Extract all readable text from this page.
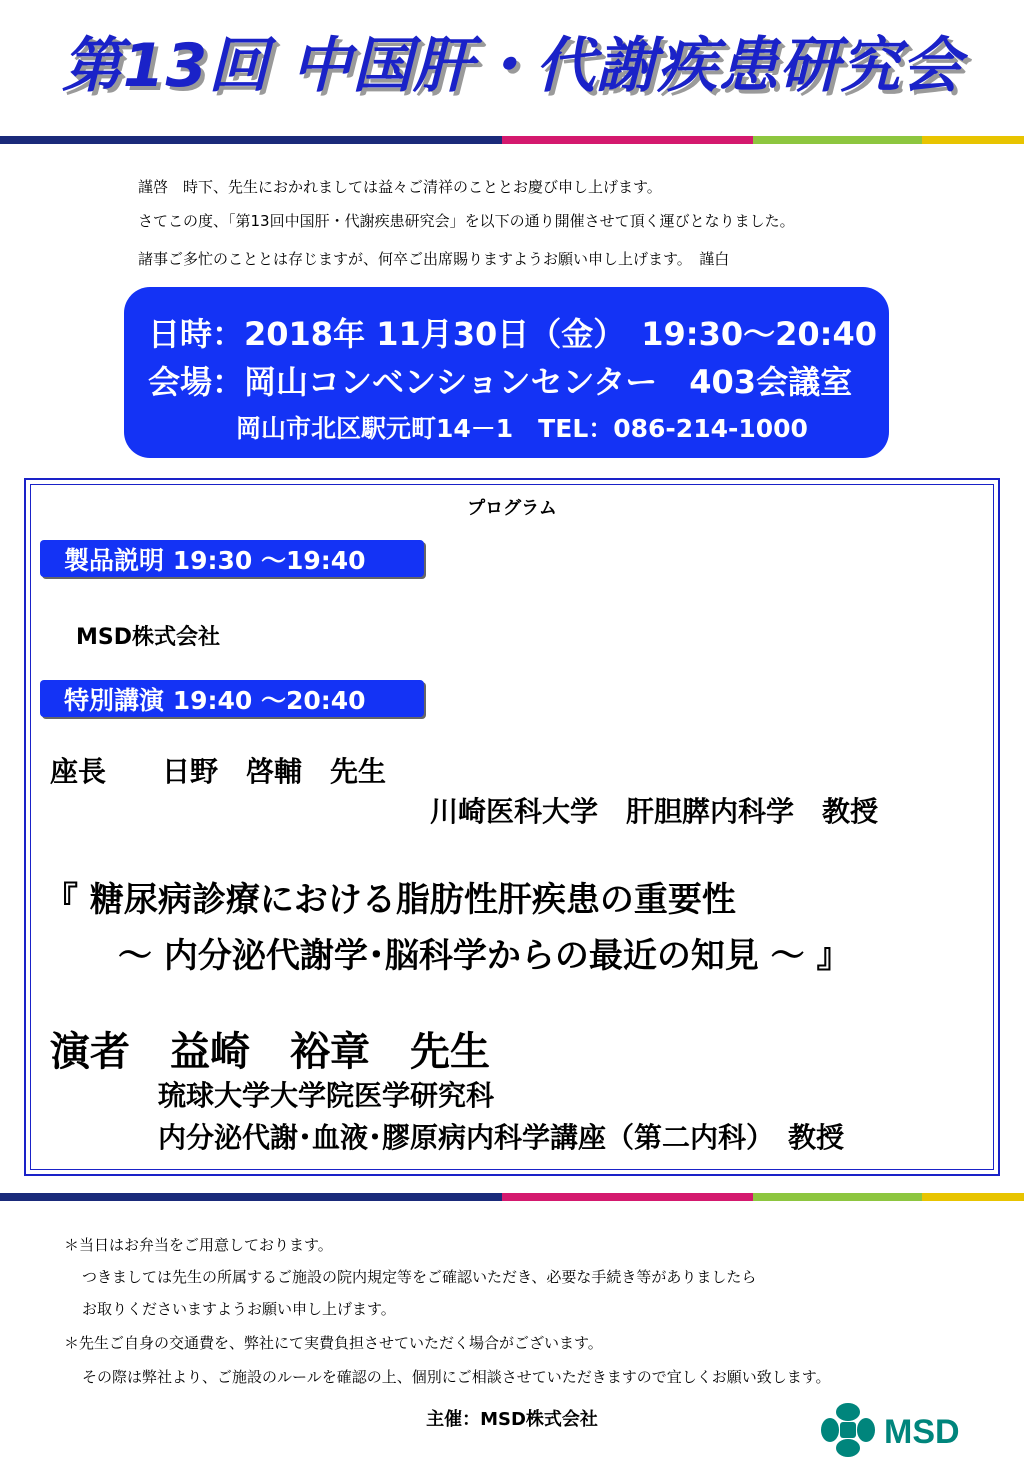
第13回 中国肝・代謝疾患研究会
謹啓　時下、先生におかれましては益々ご清祥のこととお慶び申し上げます。
さてこの度、「第13回中国肝・代謝疾患研究会」を以下の通り開催させて頂く運びとなりました。
諸事ご多忙のこととは存じますが、何卒ご出席賜りますようお願い申し上げます。　謹白
日時：2018年 11月30日（金）　19:30～20:40
会場：岡山コンベンションセンター　403会議室
岡山市北区駅元町14－1　TEL：086-214-1000
プログラム
製品説明 19:30 ～19:40
MSD株式会社
特別講演 19:40 ～20:40
座長　　日野　啓輔　先生
川崎医科大学　肝胆膵内科学　教授
『 糖尿病診療における脂肪性肝疾患の重要性
～ 内分泌代謝学･脳科学からの最近の知見 ～ 』
演者　益崎　裕章　先生
琉球大学大学院医学研究科
内分泌代謝･血液･膠原病内科学講座（第二内科）　教授
＊当日はお弁当をご用意しております。
つきましては先生の所属するご施設の院内規定等をご確認いただき、必要な手続き等がありましたら
お取りくださいますようお願い申し上げます。
＊先生ご自身の交通費を、弊社にて実費負担させていただく場合がございます。
その際は弊社より、ご施設のルールを確認の上、個別にご相談させていただきますので宜しくお願い致します。
主催：MSD株式会社	MSD
